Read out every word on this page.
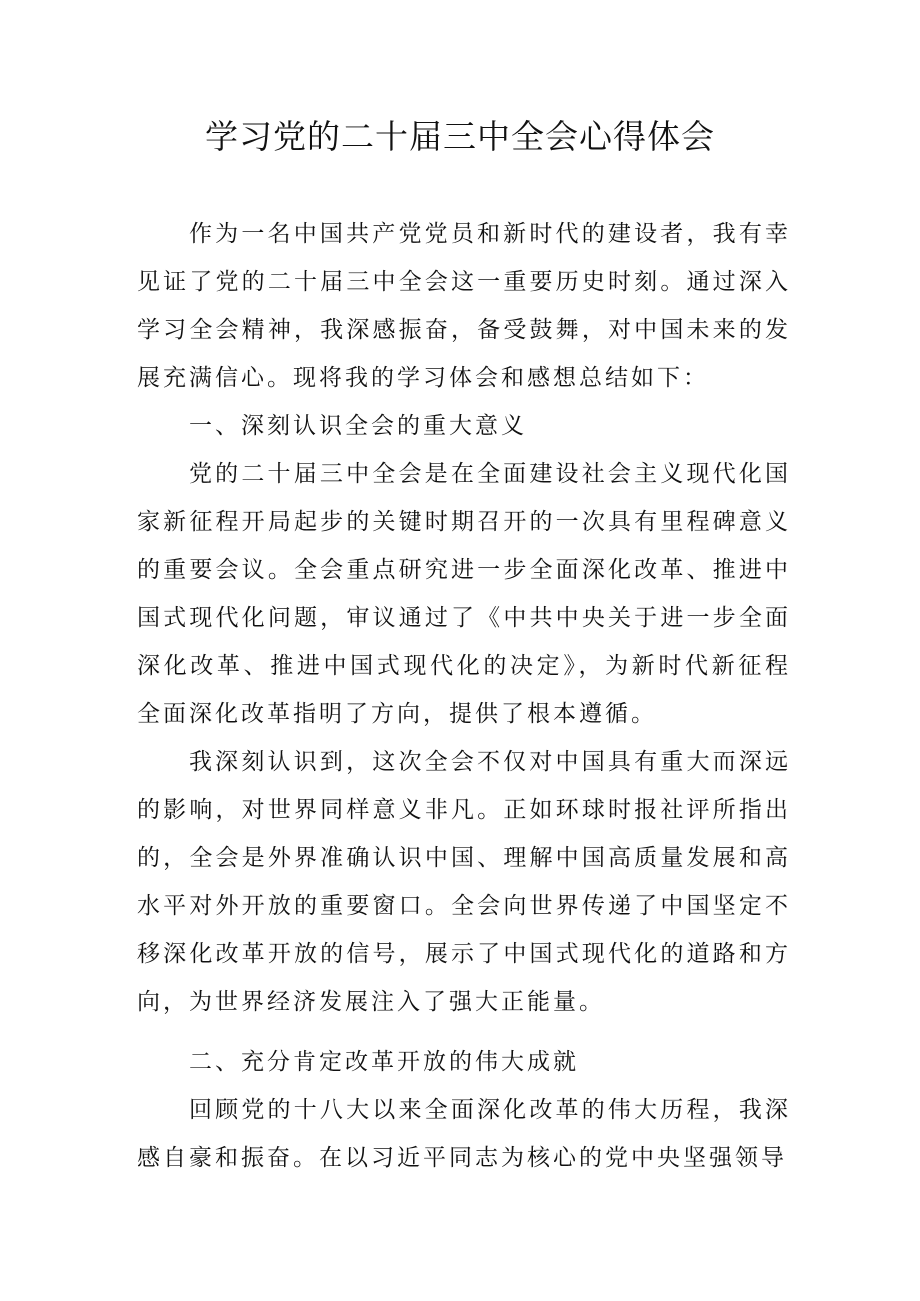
学习党的二十届三中全会心得体会

作为一名中国共产党党员和新时代的建设者，我有幸见证了党的二十届三中全会这一重要历史时刻。通过深入学习全会精神，我深感振奋，备受鼓舞，对中国未来的发展充满信心。现将我的学习体会和感想总结如下：

一、深刻认识全会的重大意义

党的二十届三中全会是在全面建设社会主义现代化国家新征程开局起步的关键时期召开的一次具有里程碑意义的重要会议。全会重点研究进一步全面深化改革、推进中国式现代化问题，审议通过了《中共中央关于进一步全面深化改革、推进中国式现代化的决定》，为新时代新征程全面深化改革指明了方向，提供了根本遵循。

我深刻认识到，这次全会不仅对中国具有重大而深远的影响，对世界同样意义非凡。正如环球时报社评所指出的，全会是外界准确认识中国、理解中国高质量发展和高水平对外开放的重要窗口。全会向世界传递了中国坚定不移深化改革开放的信号，展示了中国式现代化的道路和方向，为世界经济发展注入了强大正能量。

二、充分肯定改革开放的伟大成就

回顾党的十八大以来全面深化改革的伟大历程，我深感自豪和振奋。在以习近平同志为核心的党中央坚强领导
